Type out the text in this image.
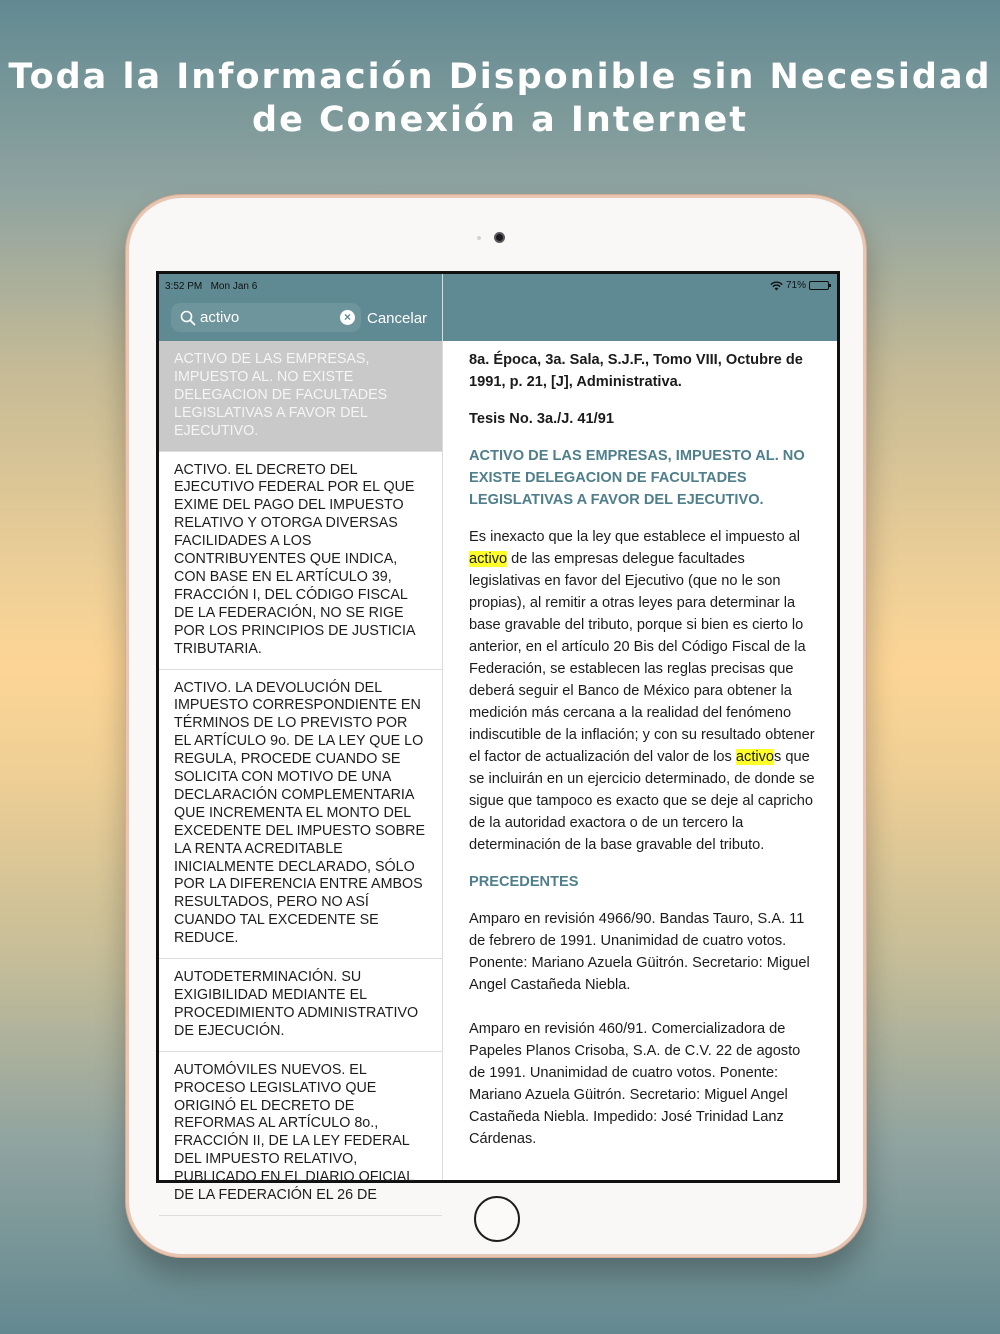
Toda la Información Disponible sin Necesidad
de Conexión a Internet
3:52 PM Mon Jan 6	71%
activo	× Cancelar
ACTIVO DE LAS EMPRESAS, IMPUESTO AL. NO EXISTE DELEGACION DE FACULTADES LEGISLATIVAS A FAVOR DEL EJECUTIVO.
ACTIVO. EL DECRETO DEL EJECUTIVO FEDERAL POR EL QUE EXIME DEL PAGO DEL IMPUESTO RELATIVO Y OTORGA DIVERSAS FACILIDADES A LOS CONTRIBUYENTES QUE INDICA, CON BASE EN EL ARTÍCULO 39, FRACCIÓN I, DEL CÓDIGO FISCAL DE LA FEDERACIÓN, NO SE RIGE POR LOS PRINCIPIOS DE JUSTICIA TRIBUTARIA.
ACTIVO. LA DEVOLUCIÓN DEL IMPUESTO CORRESPONDIENTE EN TÉRMINOS DE LO PREVISTO POR EL ARTÍCULO 9o. DE LA LEY QUE LO REGULA, PROCEDE CUANDO SE SOLICITA CON MOTIVO DE UNA DECLARACIÓN COMPLEMENTARIA QUE INCREMENTA EL MONTO DEL EXCEDENTE DEL IMPUESTO SOBRE LA RENTA ACREDITABLE INICIALMENTE DECLARADO, SÓLO POR LA DIFERENCIA ENTRE AMBOS RESULTADOS, PERO NO ASÍ CUANDO TAL EXCEDENTE SE REDUCE.
AUTODETERMINACIÓN. SU EXIGIBILIDAD MEDIANTE EL PROCEDIMIENTO ADMINISTRATIVO DE EJECUCIÓN.
AUTOMÓVILES NUEVOS. EL PROCESO LEGISLATIVO QUE ORIGINÓ EL DECRETO DE REFORMAS AL ARTÍCULO 8o., FRACCIÓN II, DE LA LEY FEDERAL DEL IMPUESTO RELATIVO, PUBLICADO EN EL DIARIO OFICIAL DE LA FEDERACIÓN EL 26 DE

8a. Época, 3a. Sala, S.J.F., Tomo VIII, Octubre de 1991, p. 21, [J], Administrativa.

Tesis No. 3a./J. 41/91

ACTIVO DE LAS EMPRESAS, IMPUESTO AL. NO EXISTE DELEGACION DE FACULTADES LEGISLATIVAS A FAVOR DEL EJECUTIVO.

Es inexacto que la ley que establece el impuesto al activo de las empresas delegue facultades legislativas en favor del Ejecutivo (que no le son propias), al remitir a otras leyes para determinar la base gravable del tributo, porque si bien es cierto lo anterior, en el artículo 20 Bis del Código Fiscal de la Federación, se establecen las reglas precisas que deberá seguir el Banco de México para obtener la medición más cercana a la realidad del fenómeno indiscutible de la inflación; y con su resultado obtener el factor de actualización del valor de los activos que se incluirán en un ejercicio determinado, de donde se sigue que tampoco es exacto que se deje al capricho de la autoridad exactora o de un tercero la determinación de la base gravable del tributo.

PRECEDENTES

Amparo en revisión 4966/90. Bandas Tauro, S.A. 11 de febrero de 1991. Unanimidad de cuatro votos. Ponente: Mariano Azuela Güitrón. Secretario: Miguel Angel Castañeda Niebla.

Amparo en revisión 460/91. Comercializadora de Papeles Planos Crisoba, S.A. de C.V. 22 de agosto de 1991. Unanimidad de cuatro votos. Ponente: Mariano Azuela Güitrón. Secretario: Miguel Angel Castañeda Niebla. Impedido: José Trinidad Lanz Cárdenas.
